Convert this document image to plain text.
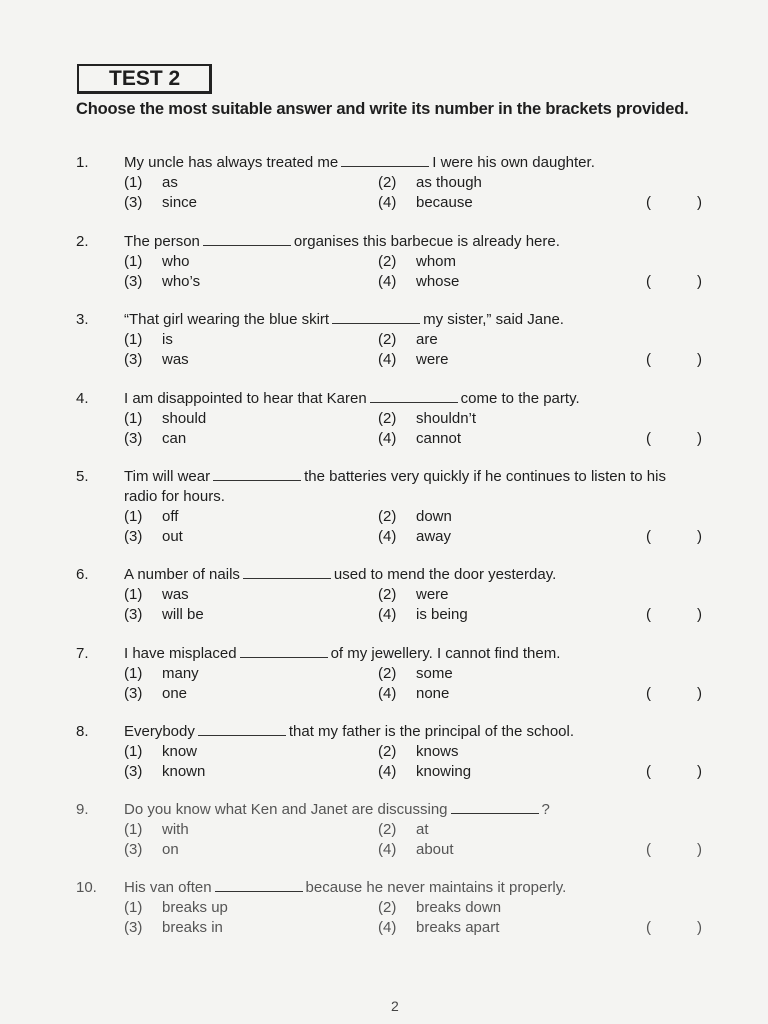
TEST 2
Choose the most suitable answer and write its number in the brackets provided.
1. My uncle has always treated me	I were his own daughter.
(1) as	(2) as though
(3) since	(4) because	(	)
2. The person	organises this barbecue is already here.
(1) who	(2) whom
(3) who’s	(4) whose	(	)
3. “That girl wearing the blue skirt	my sister,” said Jane.
(1) is	(2) are
(3) was	(4) were	(	)
4. I am disappointed to hear that Karen	come to the party.
(1) should	(2) shouldn’t
(3) can	(4) cannot	(	)
5. Tim will wear	the batteries very quickly if he continues to listen to his
radio for hours.
(1) off	(2) down
(3) out	(4) away	(	)
6. A number of nails	used to mend the door yesterday.
(1) was	(2) were
(3) will be	(4) is being	(	)
7. I have misplaced	of my jewellery. I cannot find them.
(1) many	(2) some
(3) one	(4) none	(	)
8. Everybody	that my father is the principal of the school.
(1) know	(2) knows
(3) known	(4) knowing	(	)
9. Do you know what Ken and Janet are discussing	?
(1) with	(2) at
(3) on	(4) about	(	)
10. His van often	because he never maintains it properly.
(1) breaks up	(2) breaks down
(3) breaks in	(4) breaks apart	(	)
2
